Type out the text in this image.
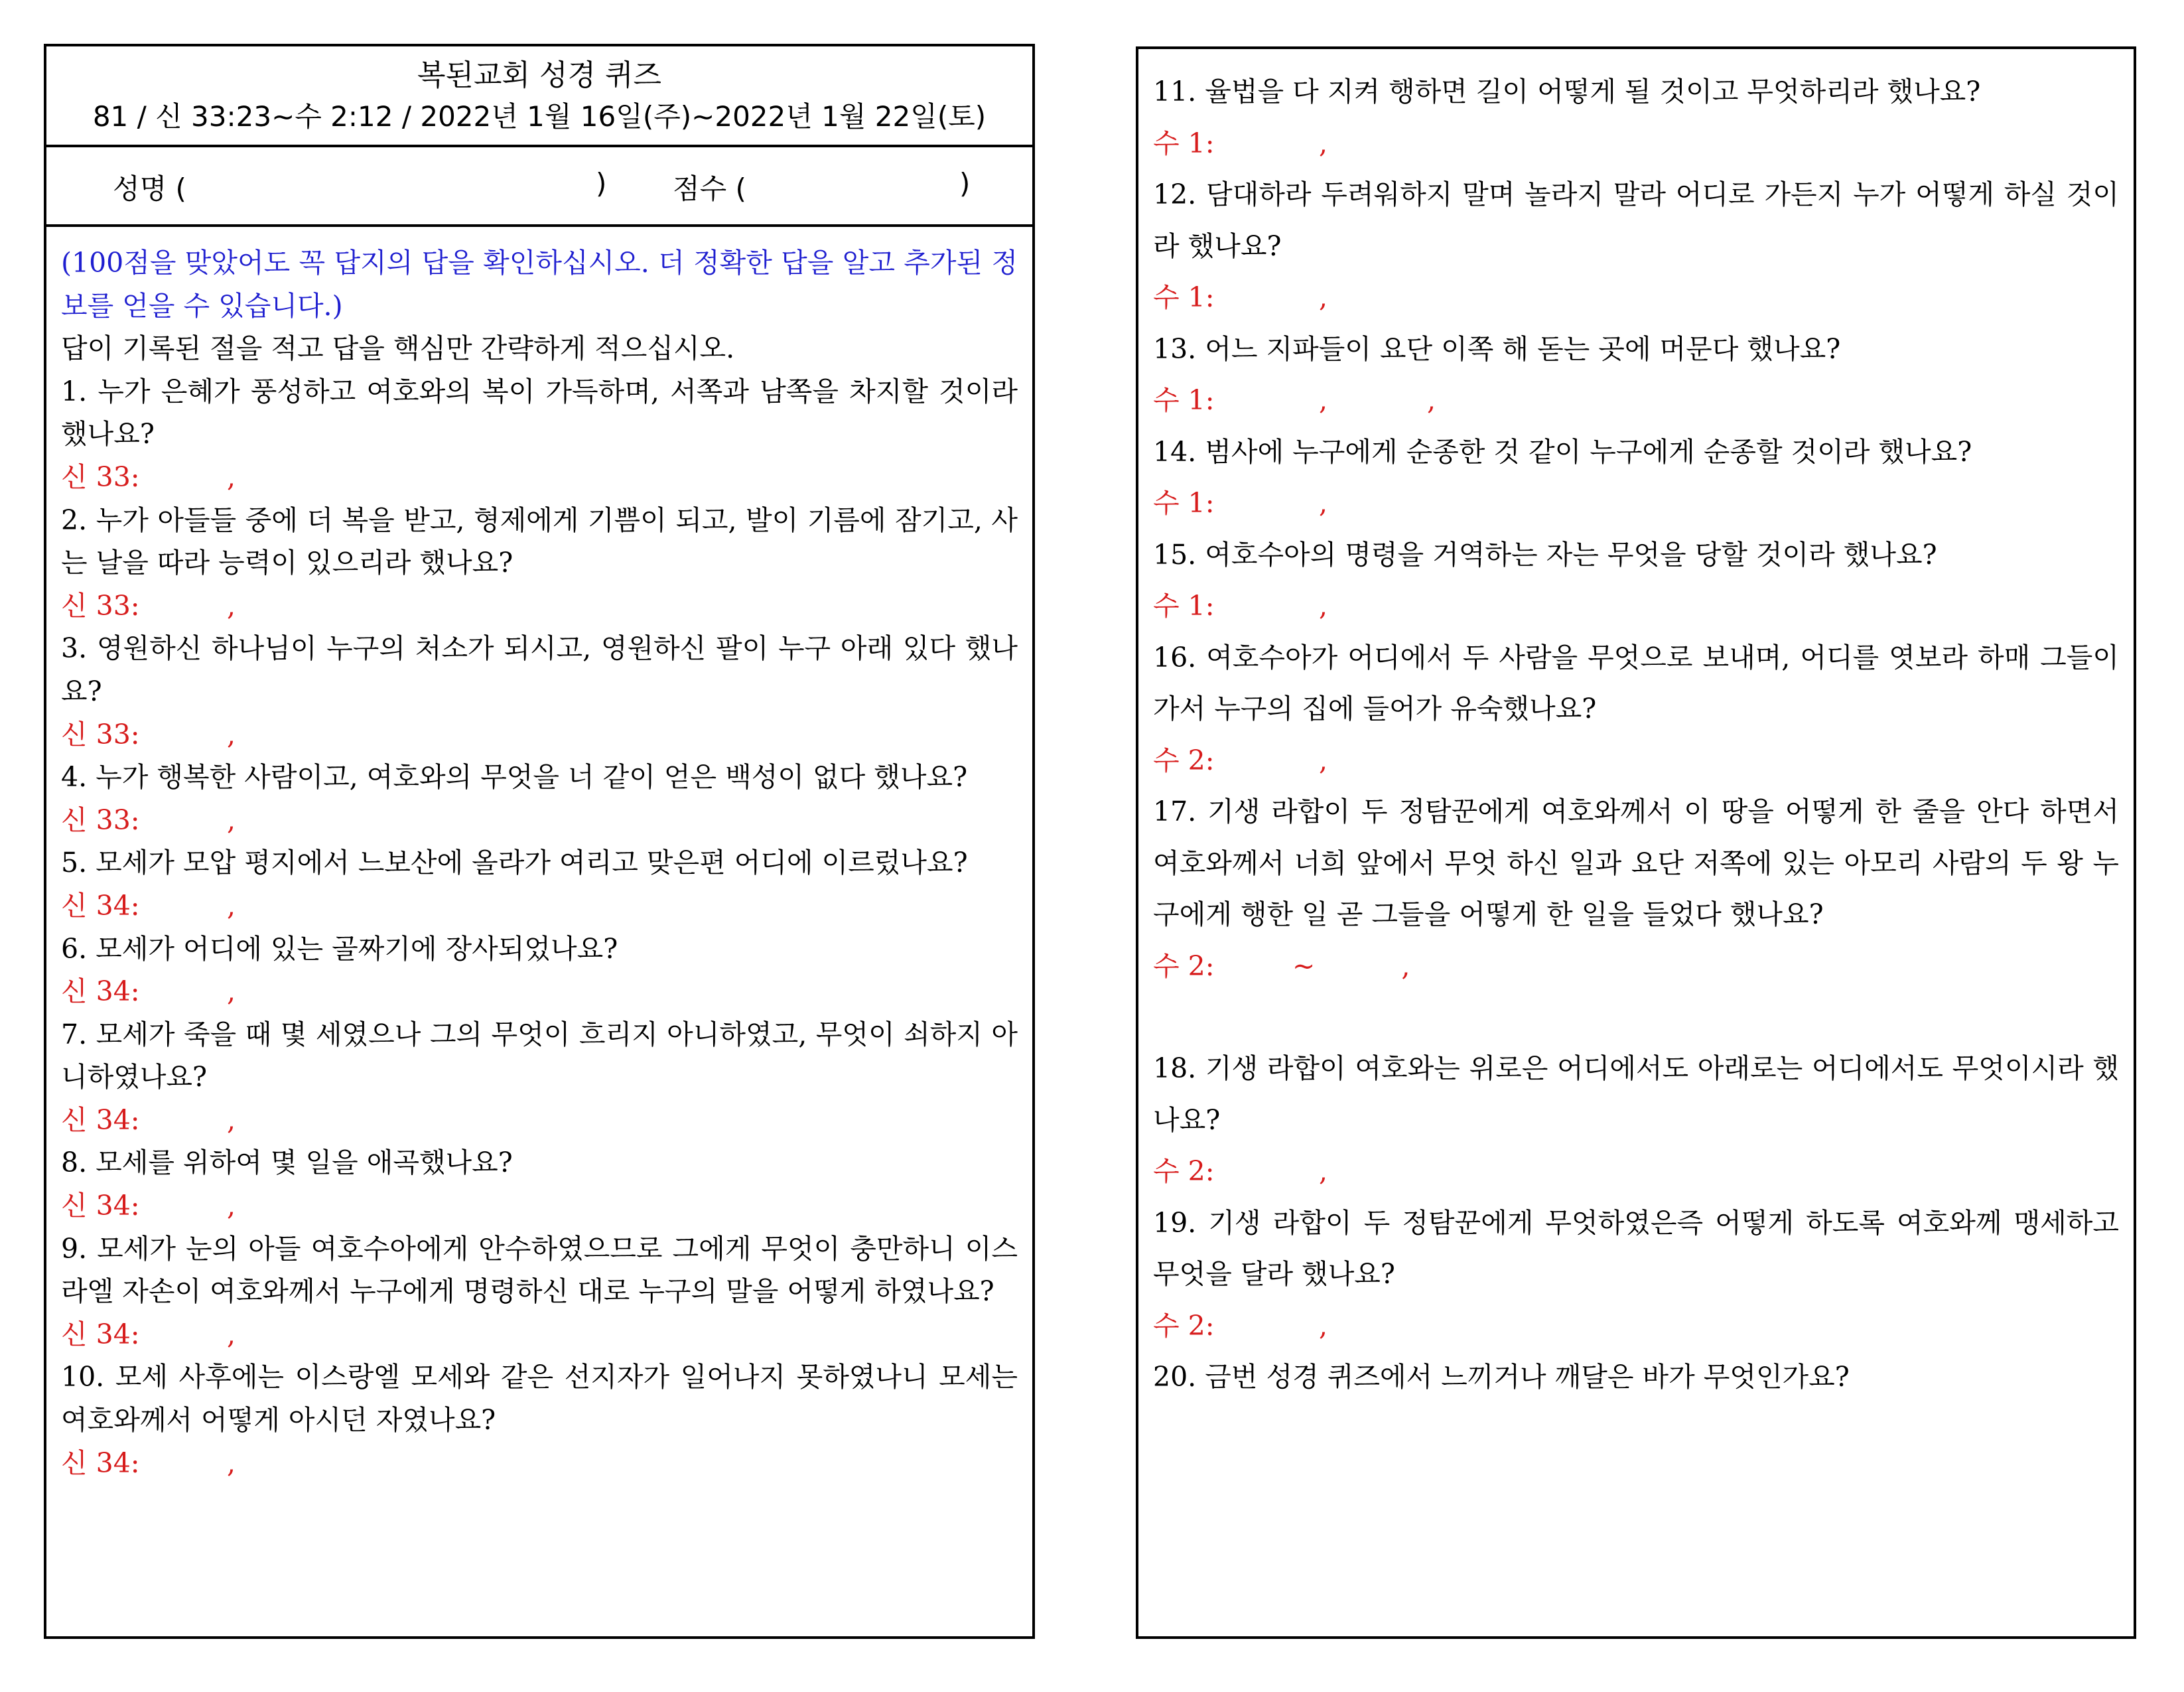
복된교회 성경 퀴즈
81 / 신 33:23~수 2:12 / 2022년 1월 16일(주)~2022년 1월 22일(토)
성명 (	) 점수 (	)
(100점을 맞았어도 꼭 답지의 답을 확인하십시오. 더 정확한 답을 알고 추가된 정보를 얻을 수 있습니다.)
답이 기록된 절을 적고 답을 핵심만 간략하게 적으십시오.
1. 누가 은혜가 풍성하고 여호와의 복이 가득하며, 서쪽과 남쪽을 차지할 것이라 했나요?
신 33:	,
2. 누가 아들들 중에 더 복을 받고, 형제에게 기쁨이 되고, 발이 기름에 잠기고, 사는 날을 따라 능력이 있으리라 했나요?
신 33:	,
3. 영원하신 하나님이 누구의 처소가 되시고, 영원하신 팔이 누구 아래 있다 했나요?
신 33:	,
4. 누가 행복한 사람이고, 여호와의 무엇을 너 같이 얻은 백성이 없다 했나요?
신 33:	,
5. 모세가 모압 평지에서 느보산에 올라가 여리고 맞은편 어디에 이르렀나요?
신 34:	,
6. 모세가 어디에 있는 골짜기에 장사되었나요?
신 34:	,
7. 모세가 죽을 때 몇 세였으나 그의 무엇이 흐리지 아니하였고, 무엇이 쇠하지 아니하였나요?
신 34:	,
8. 모세를 위하여 몇 일을 애곡했나요?
신 34:	,
9. 모세가 눈의 아들 여호수아에게 안수하였으므로 그에게 무엇이 충만하니 이스라엘 자손이 여호와께서 누구에게 명령하신 대로 누구의 말을 어떻게 하였나요?
신 34:	,
10. 모세 사후에는 이스랑엘 모세와 같은 선지자가 일어나지 못하였나니 모세는 여호와께서 어떻게 아시던 자였나요?
신 34:	,
11. 율법을 다 지켜 행하면 길이 어떻게 될 것이고 무엇하리라 했나요?
수 1:	,
12. 담대하라 두려워하지 말며 놀라지 말라 어디로 가든지 누가 어떻게 하실 것이라 했나요?
수 1:	,
13. 어느 지파들이 요단 이쪽 해 돋는 곳에 머문다 했나요?
수 1:	,	,
14. 범사에 누구에게 순종한 것 같이 누구에게 순종할 것이라 했나요?
수 1:	,
15. 여호수아의 명령을 거역하는 자는 무엇을 당할 것이라 했나요?
수 1:	,
16. 여호수아가 어디에서 두 사람을 무엇으로 보내며, 어디를 엿보라 하매 그들이 가서 누구의 집에 들어가 유숙했나요?
수 2:	,
17. 기생 라합이 두 정탐꾼에게 여호와께서 이 땅을 어떻게 한 줄을 안다 하면서 여호와께서 너희 앞에서 무엇 하신 일과 요단 저쪽에 있는 아모리 사람의 두 왕 누구에게 행한 일 곧 그들을 어떻게 한 일을 들었다 했나요?
수 2:	~	,
18. 기생 라합이 여호와는 위로은 어디에서도 아래로는 어디에서도 무엇이시라 했나요?
수 2:	,
19. 기생 라합이 두 정탐꾼에게 무엇하였은즉 어떻게 하도록 여호와께 맹세하고 무엇을 달라 했나요?
수 2:	,
20. 금번 성경 퀴즈에서 느끼거나 깨달은 바가 무엇인가요?
